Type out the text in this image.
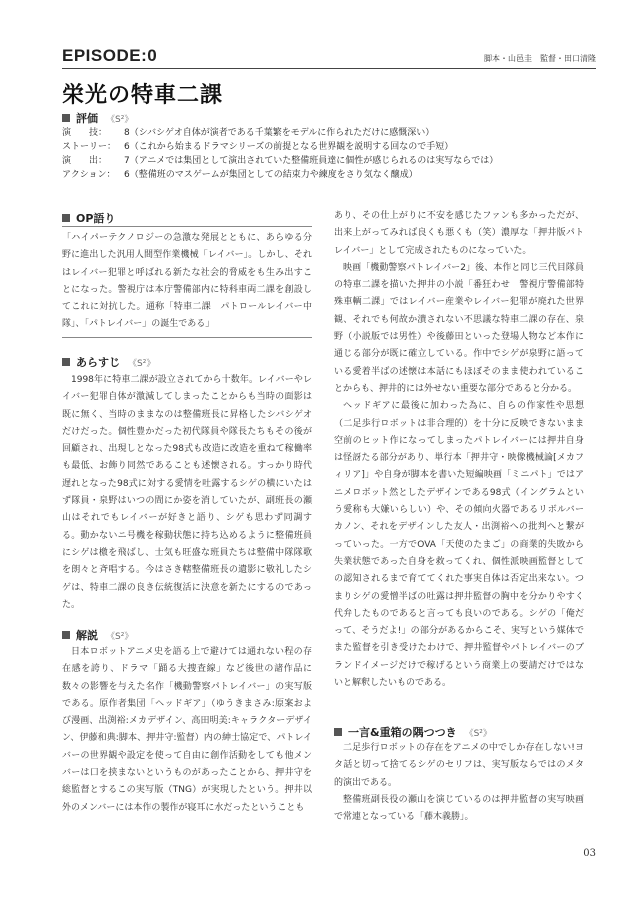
EPISODE:0	脚本・山邑圭　監督・田口清隆
栄光の特車二課
評価 《S²》
演　　技：	8（シバシゲオ自体が演者である千葉繁をモデルに作られただけに感慨深い）
ストーリー： 6（これから始まるドラマシリーズの前提となる世界観を説明する回なので手短）
演　　出：	7（アニメでは集団として演出されていた整備班員達に個性が感じられるのは実写ならでは）
アクション： 6（整備班のマスゲームが集団としての結束力や練度をさり気なく醸成）
OP語り

「ハイパーテクノロジーの急激な発展とともに、あらゆる分野に進出した汎用人間型作業機械「レイバー」。しかし、それはレイバー犯罪と呼ばれる新たな社会的脅威をも生み出すことになった。警視庁は本庁警備部内に特科車両二課を創設してこれに対抗した。通称「特車二課　パトロールレイバー中隊」、「パトレイバー」の誕生である」

あらすじ 《S²》

1998年に特車二課が設立されてから十数年。レイバーやレイバー犯罪自体が激減してしまったことからも当時の面影は既に無く、当時のままなのは整備班長に昇格したシバシゲオだけだった。個性豊かだった初代隊員や隊長たちもその後が回顧され、出現しとなった98式も改造に改造を重ねて稼働率も最低、お飾り同然であることも述懐される。すっかり時代遅れとなった98式に対する愛情を吐露するシゲの横にいたはず隊員・泉野はいつの間にか姿を消していたが、副班長の瀬山はそれでもレイバーが好きと語り、シゲも思わず同調する。動かないニ号機を稼動状態に持ち込めるように整備班員にシゲは檄を飛ばし、士気も旺盛な班員たちは整備中隊隊歌を朗々と斉唱する。今はさき轄整備班長の遺影に敬礼したシゲは、特車二課の良き伝統復活に決意を新たにするのであった。

解説 《S²》

日本ロボットアニメ史を語る上で避けては通れない程の存在感を誇り、ドラマ「踊る大捜査線」など後世の諸作品に数々の影響を与えた名作「機動警察パトレイバー」の実写版である。原作者集団「ヘッドギア」（ゆうきまさみ:原案および漫画、出渕裕:メカデザイン、高田明美:キャラクターデザイン、伊藤和典:脚本、押井守:監督）内の紳士協定で、パトレイバーの世界観や設定を使って自由に創作活動をしても他メンバーは口を挟まないというものがあったことから、押井守を総監督とするこの実写版（TNG）が実現したという。押井以外のメンバーには本作の製作が寝耳に水だったということも

あり、その仕上がりに不安を感じたファンも多かっただが、出来上がってみれば良くも悪くも（笑）濃厚な「押井版パトレイバー」として完成されたものになっていた。

映画「機動警察パトレイバー2」後、本作と同じ三代目隊員の特車二課を描いた押井の小説「番狂わせ　警視庁警備部特殊車輌二課」ではレイバー産業やレイバー犯罪が廃れた世界観、それでも何故か潰されない不思議な特車二課の存在、泉野（小説版では男性）や後藤田といった登場人物など本作に通じる部分が既に確立している。作中でシゲが泉野に語っている愛着半ばの述懐は本話にもほぼそのまま使われていることからも、押井的には外せない重要な部分であると分かる。

ヘッドギアに最後に加わった為に、自らの作家性や思想（二足歩行ロボットは非合理的）を十分に反映できないまま空前のヒット作になってしまったパトレイバーには押井自身は怪訝たる部分があり、単行本「押井守・映像機械論[メカフィリア]」や自身が脚本を書いた短編映画「ミニパト」ではアニメロボット然としたデザインである98式（イングラムという愛称も大嫌いらしい）や、その傾向火器であるリボルバーカノン、それをデザインした友人・出渕裕への批判へと繋がっていった。一方でOVA「天使のたまご」の商業的失敗から失業状態であった自身を救ってくれ、個性派映画監督としての認知されるまで育ててくれた事実自体は否定出来ない。つまりシゲの愛憎半ばの吐露は押井監督の胸中を分かりやすく代弁したものであると言っても良いのである。シゲの「俺だって、そうだよ!」の部分があるからこそ、実写という媒体でまた監督を引き受けたわけで、押井監督やパトレイバーのブランドイメージだけで稼げるという商業上の要請だけではないと解釈したいものである。

一言&重箱の隅つつき 《S²》

二足歩行ロボットの存在をアニメの中でしか存在しない!ヨタ話と切って捨てるシゲのセリフは、実写版ならではのメタ的演出である。

整備班副長役の瀬山を演じているのは押井監督の実写映画で常連となっている「藤木義勝」。

03
